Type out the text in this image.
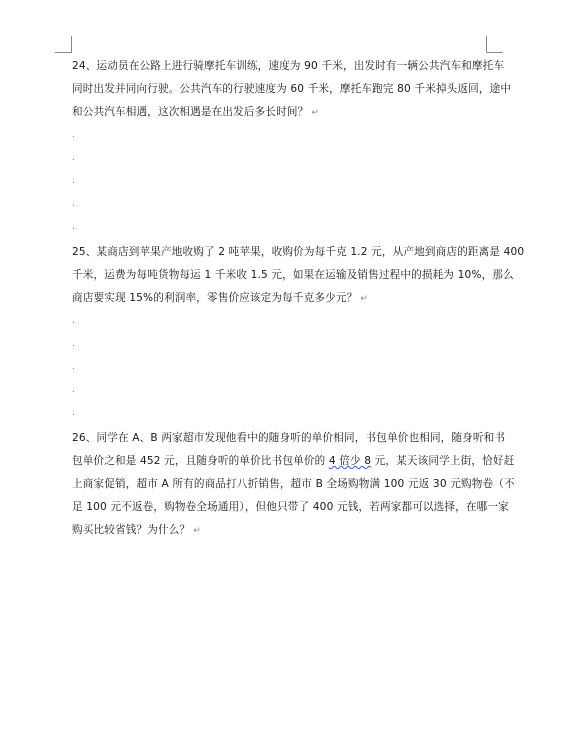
24、运动员在公路上进行骑摩托车训练，速度为 90 千米，出发时有一辆公共汽车和摩托车
同时出发并同向行驶。公共汽车的行驶速度为 60 千米，摩托车跑完 80 千米掉头返回，途中
和公共汽车相遇，这次相遇是在出发后多长时间？ ↵
.
.
.
.
.
25、某商店到苹果产地收购了 2 吨苹果，收购价为每千克 1.2 元，从产地到商店的距离是 400
千米，运费为每吨货物每运 1 千米收 1.5 元，如果在运输及销售过程中的损耗为 10%，那么
商店要实现 15%的利润率，零售价应该定为每千克多少元？ ↵
.
.
.
.
.
26、同学在 A、B 两家超市发现他看中的随身听的单价相同，书包单价也相同，随身听和书
包单价之和是 452 元，且随身听的单价比书包单价的 4 倍少 8 元，某天该同学上街，恰好赶
上商家促销，超市 A 所有的商品打八折销售，超市 B 全场购物满 100 元返 30 元购物卷（不
足 100 元不返卷，购物卷全场通用），但他只带了 400 元钱，若两家都可以选择，在哪一家
购买比较省钱？为什么？ ↵
